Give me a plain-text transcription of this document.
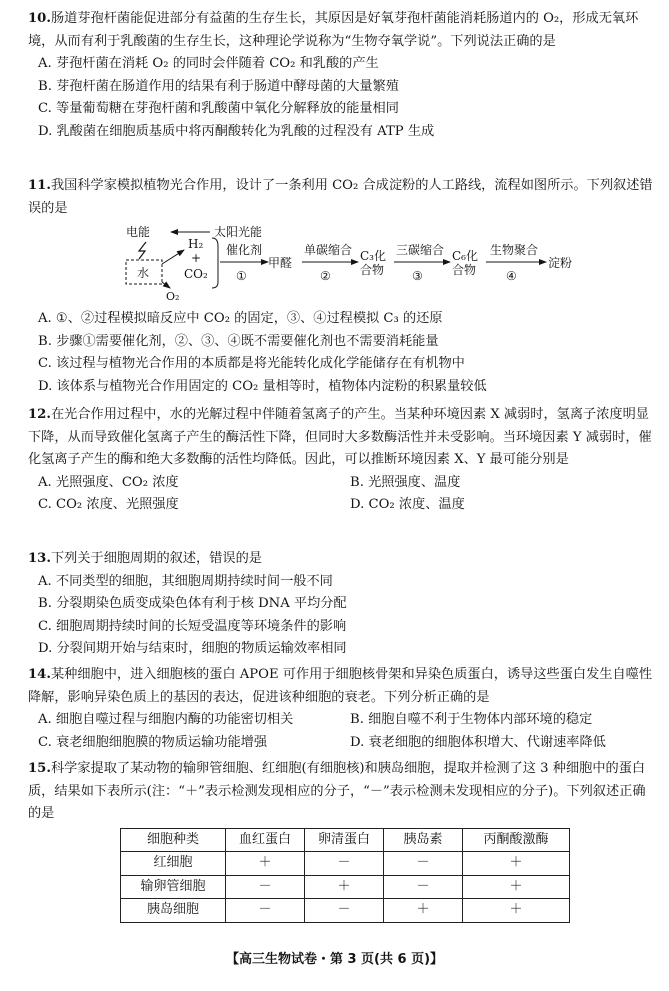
10.肠道芽孢杆菌能促进部分有益菌的生存生长，其原因是好氧芽孢杆菌能消耗肠道内的 O₂，形成无氧环境，从而有利于乳酸菌的生存生长，这种理论学说称为“生物夺氧学说”。下列说法正确的是

A. 芽孢杆菌在消耗 O₂ 的同时会伴随着 CO₂ 和乳酸的产生

B. 芽孢杆菌在肠道作用的结果有利于肠道中酵母菌的大量繁殖

C. 等量葡萄糖在芽孢杆菌和乳酸菌中氧化分解释放的能量相同

D. 乳酸菌在细胞质基质中将丙酮酸转化为乳酸的过程没有 ATP 生成

11.我国科学家模拟植物光合作用，设计了一条利用 CO₂ 合成淀粉的人工路线，流程如图所示。下列叙述错误的是

电能	太阳光能
水
O₂
H₂
+
CO₂
催化剂
①
甲醛
单碳缩合
②
C₃化
合物
三碳缩合
③
C₆化
合物
生物聚合
④
淀粉

A. ①、②过程模拟暗反应中 CO₂ 的固定，③、④过程模拟 C₃ 的还原

B. 步骤①需要催化剂，②、③、④既不需要催化剂也不需要消耗能量

C. 该过程与植物光合作用的本质都是将光能转化成化学能储存在有机物中

D. 该体系与植物光合作用固定的 CO₂ 量相等时，植物体内淀粉的积累量较低

12.在光合作用过程中，水的光解过程中伴随着氢离子的产生。当某种环境因素 X 减弱时，氢离子浓度明显下降，从而导致催化氢离子产生的酶活性下降，但同时大多数酶活性并未受影响。当环境因素 Y 减弱时，催化氢离子产生的酶和绝大多数酶的活性均降低。因此，可以推断环境因素 X、Y 最可能分别是

A. 光照强度、CO₂ 浓度	B. 光照强度、温度
C. CO₂ 浓度、光照强度	D. CO₂ 浓度、温度

13.下列关于细胞周期的叙述，错误的是

A. 不同类型的细胞，其细胞周期持续时间一般不同

B. 分裂期染色质变成染色体有利于核 DNA 平均分配

C. 细胞周期持续时间的长短受温度等环境条件的影响

D. 分裂间期开始与结束时，细胞的物质运输效率相同

14.某种细胞中，进入细胞核的蛋白 APOE 可作用于细胞核骨架和异染色质蛋白，诱导这些蛋白发生自噬性降解，影响异染色质上的基因的表达，促进该种细胞的衰老。下列分析正确的是

A. 细胞自噬过程与细胞内酶的功能密切相关	B. 细胞自噬不利于生物体内部环境的稳定
C. 衰老细胞细胞膜的物质运输功能增强	D. 衰老细胞的细胞体积增大、代谢速率降低

15.科学家提取了某动物的输卵管细胞、红细胞(有细胞核)和胰岛细胞，提取并检测了这 3 种细胞中的蛋白质，结果如下表所示(注：“＋”表示检测发现相应的分子，“－”表示检测未发现相应的分子)。下列叙述正确的是

细胞种类	血红蛋白	卵清蛋白	胰岛素	丙酮酸激酶
红细胞	＋	－	－	＋
输卵管细胞	－	＋	－	＋
胰岛细胞	－	－	＋	＋
【高三生物试卷・第 3 页(共 6 页)】
